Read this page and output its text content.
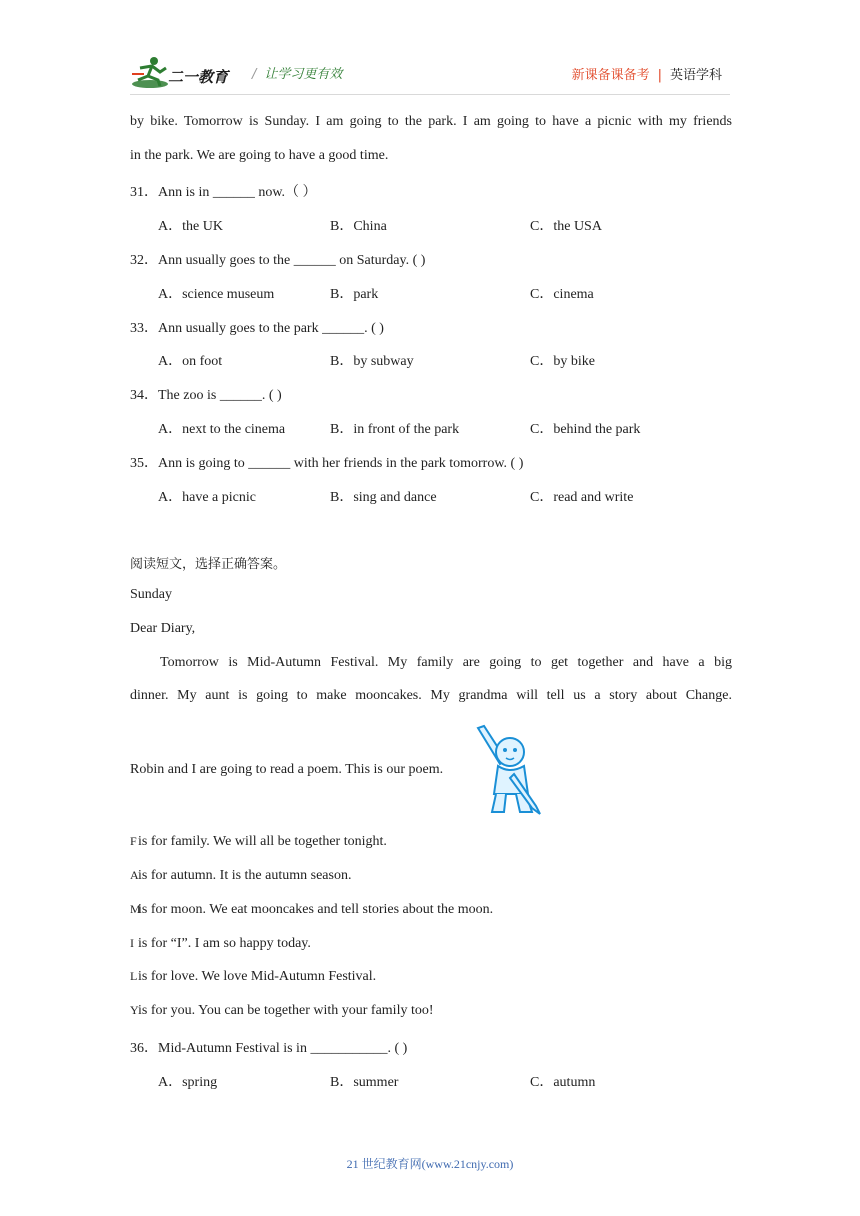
二一教育 / 让学习更有效	新课备课备考 | 英语学科
by bike. Tomorrow is Sunday. I am going to the park. I am going to have a picnic with my friends
in the park. We are going to have a good time.
31．Ann is in ______ now.（ ）
A．the UK	B．China	C．the USA
32．Ann usually goes to the ______ on Saturday. ( )
A．science museum	B．park	C．cinema
33．Ann usually goes to the park ______. ( )
A．on foot	B．by subway	C．by bike
34．The zoo is ______. ( )
A．next to the cinema	B．in front of the park	C．behind the park
35．Ann is going to ______ with her friends in the park tomorrow. ( )
A．have a picnic	B．sing and dance	C．read and write
阅读短文，选择正确答案。
Sunday
Dear Diary,
Tomorrow is Mid-Autumn Festival. My family are going to get together and have a big
dinner. My aunt is going to make mooncakes. My grandma will tell us a story about Change.
Robin and I are going to read a poem. This is our poem.
Fis for family. We will all be together tonight.
Ais for autumn. It is the autumn season.
Mis for moon. We eat mooncakes and tell stories about the moon.
I is for “I”. I am so happy today.
Lis for love. We love Mid-Autumn Festival.
Yis for you. You can be together with your family too!
36．Mid-Autumn Festival is in ___________. ( )
A．spring	B．summer	C．autumn
21 世纪教育网(www.21cnjy.com)
